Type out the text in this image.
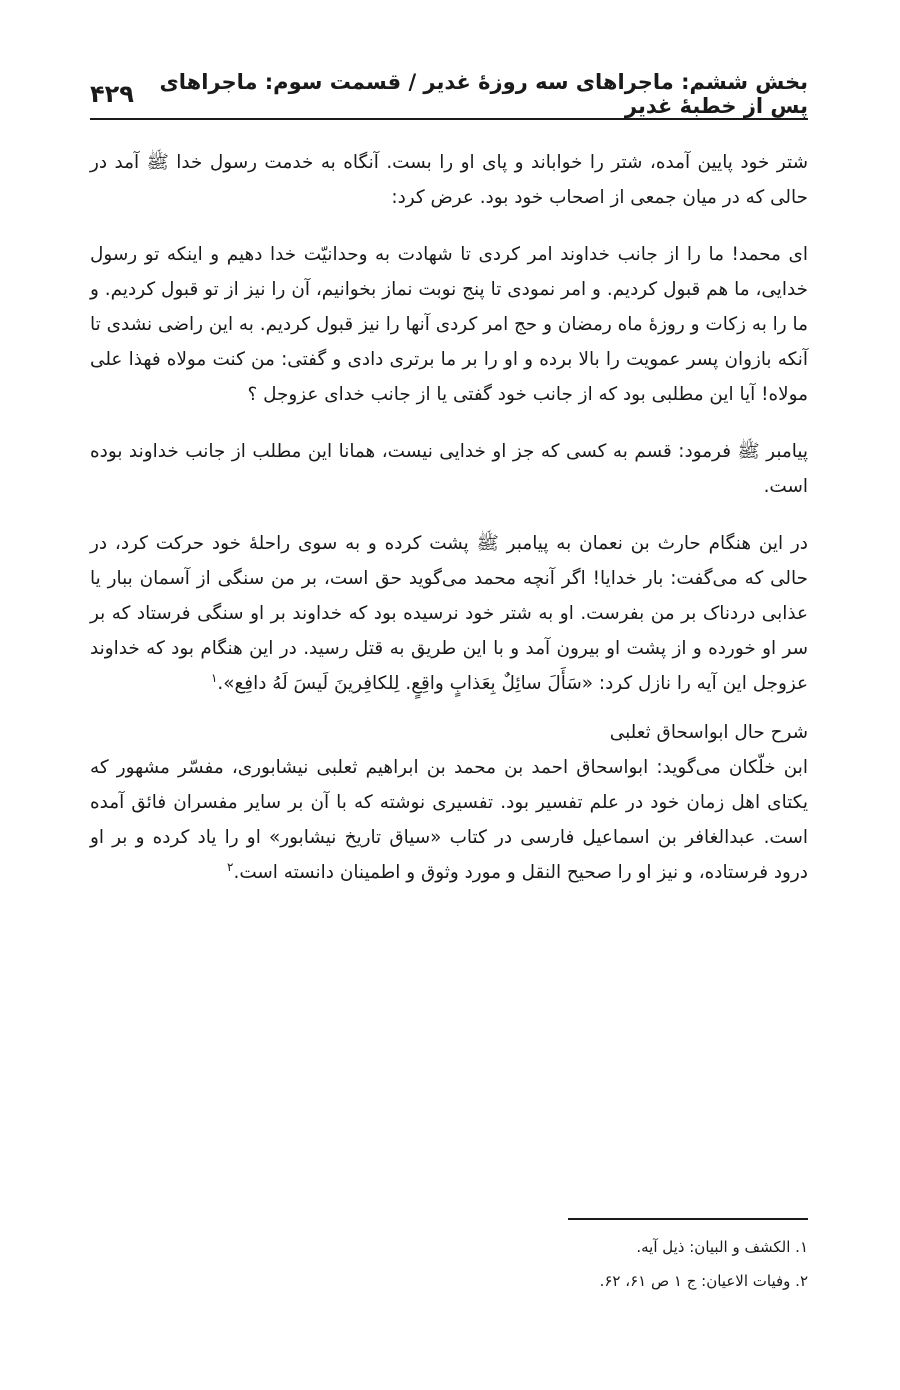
بخش ششم: ماجراهای سه روزهٔ غدیر / قسمت سوم: ماجراهای پس از خطبهٔ غدیر
۴۲۹

شتر خود پایین آمده، شتر را خواباند و پای او را بست. آنگاه به خدمت رسول خدا ﷺ آمد در حالی که در میان جمعی از اصحاب خود بود. عرض کرد:

ای محمد! ما را از جانب خداوند امر کردی تا شهادت به وحدانیّت خدا دهیم و اینکه تو رسول خدایی، ما هم قبول کردیم. و امر نمودی تا پنج نوبت نماز بخوانیم، آن را نیز از تو قبول کردیم. و ما را به زکات و روزهٔ ماه رمضان و حج امر کردی آنها را نیز قبول کردیم. به این راضی نشدی تا آنکه بازوان پسر عمویت را بالا برده و او را بر ما برتری دادی و گفتی: من کنت مولاه فهذا علی مولاه! آیا این مطلبی بود که از جانب خود گفتی یا از جانب خدای عزوجل ؟

پیامبر ﷺ فرمود: قسم به کسی که جز او خدایی نیست، همانا این مطلب از جانب خداوند بوده است.

در این هنگام حارث بن نعمان به پیامبر ﷺ پشت کرده و به سوی راحلهٔ خود حرکت کرد، در حالی که می‌گفت: بار خدایا! اگر آنچه محمد می‌گوید حق است، بر من سنگی از آسمان ببار یا عذابی دردناک بر من بفرست. او به شتر خود نرسیده بود که خداوند بر او سنگی فرستاد که بر سر او خورده و از پشت او بیرون آمد و با این طریق به قتل رسید. در این هنگام بود که خداوند عزوجل این آیه را نازل کرد: «سَأَلَ سائِلٌ بِعَذابٍ واقِعٍ. لِلكافِرينَ لَيسَ لَهُ دافِع».$^۱$

شرح حال ابواسحاق ثعلبی

ابن خلّکان می‌گوید: ابواسحاق احمد بن محمد بن ابراهیم ثعلبی نیشابوری، مفسّر مشهور که یکتای اهل زمان خود در علم تفسیر بود. تفسیری نوشته که با آن بر سایر مفسران فائق آمده است. عبدالغافر بن اسماعیل فارسی در کتاب «سیاق تاریخ نیشابور» او را یاد کرده و بر او درود فرستاده، و نیز او را صحیح النقل و مورد وثوق و اطمینان دانسته است.$^۲$

۱. الکشف و البیان: ذیل آیه.
۲. وفیات الاعیان: ج ۱ ص ۶۱، ۶۲.
